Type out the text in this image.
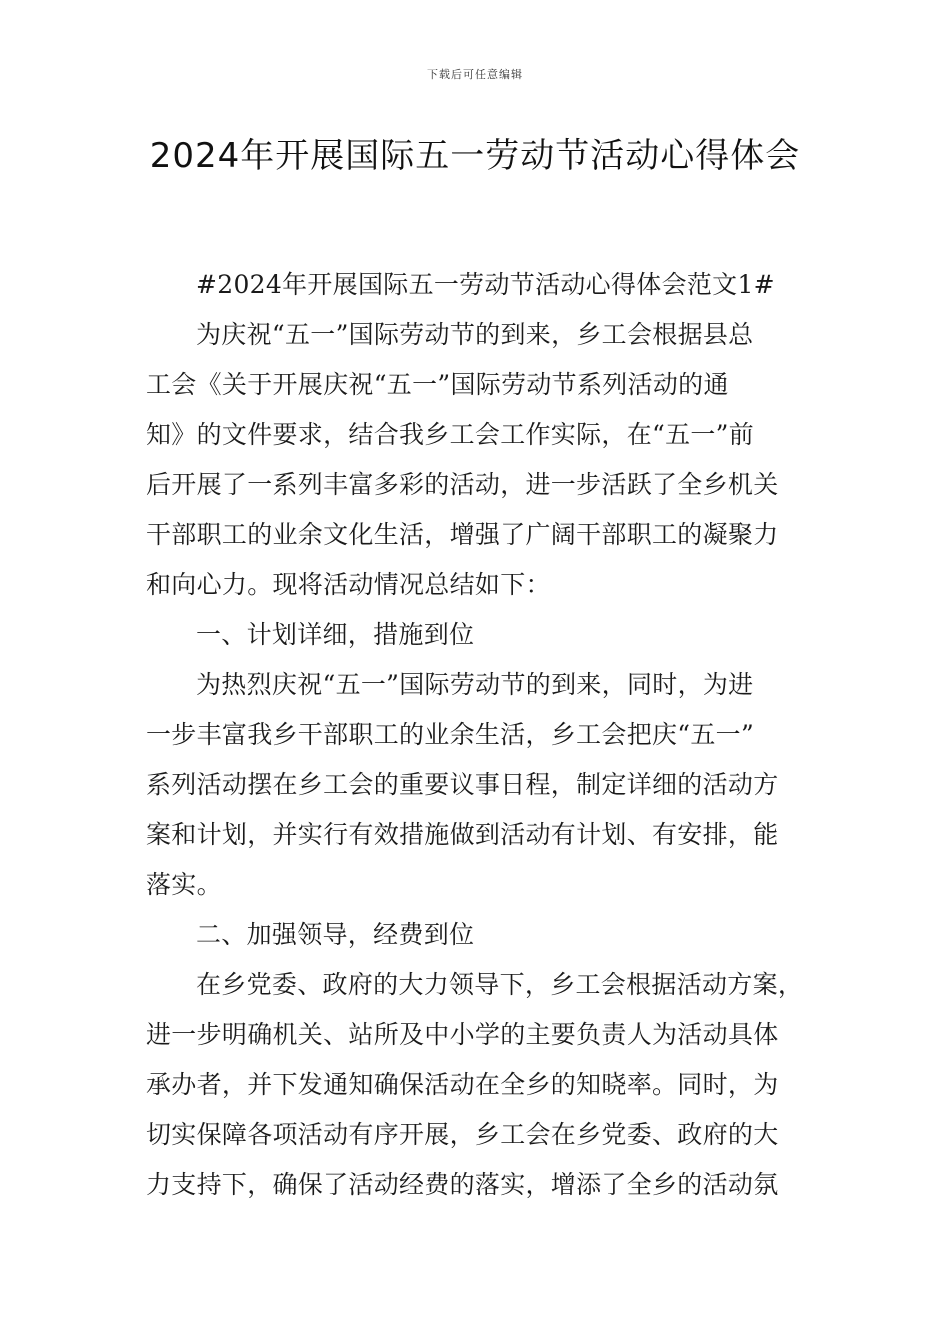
下载后可任意编辑
2024年开展国际五一劳动节活动心得体会
#2024年开展国际五一劳动节活动心得体会范文1#
为庆祝“五一”国际劳动节的到来，乡工会根据县总
工会《关于开展庆祝“五一”国际劳动节系列活动的通
知》的文件要求，结合我乡工会工作实际，在“五一”前
后开展了一系列丰富多彩的活动，进一步活跃了全乡机关
干部职工的业余文化生活，增强了广阔干部职工的凝聚力
和向心力。现将活动情况总结如下：
一、计划详细，措施到位
为热烈庆祝“五一”国际劳动节的到来，同时，为进
一步丰富我乡干部职工的业余生活，乡工会把庆“五一”
系列活动摆在乡工会的重要议事日程，制定详细的活动方
案和计划，并实行有效措施做到活动有计划、有安排，能
落实。
二、加强领导，经费到位
在乡党委、政府的大力领导下，乡工会根据活动方案，
进一步明确机关、站所及中小学的主要负责人为活动具体
承办者，并下发通知确保活动在全乡的知晓率。同时，为
切实保障各项活动有序开展，乡工会在乡党委、政府的大
力支持下，确保了活动经费的落实，增添了全乡的活动氛
